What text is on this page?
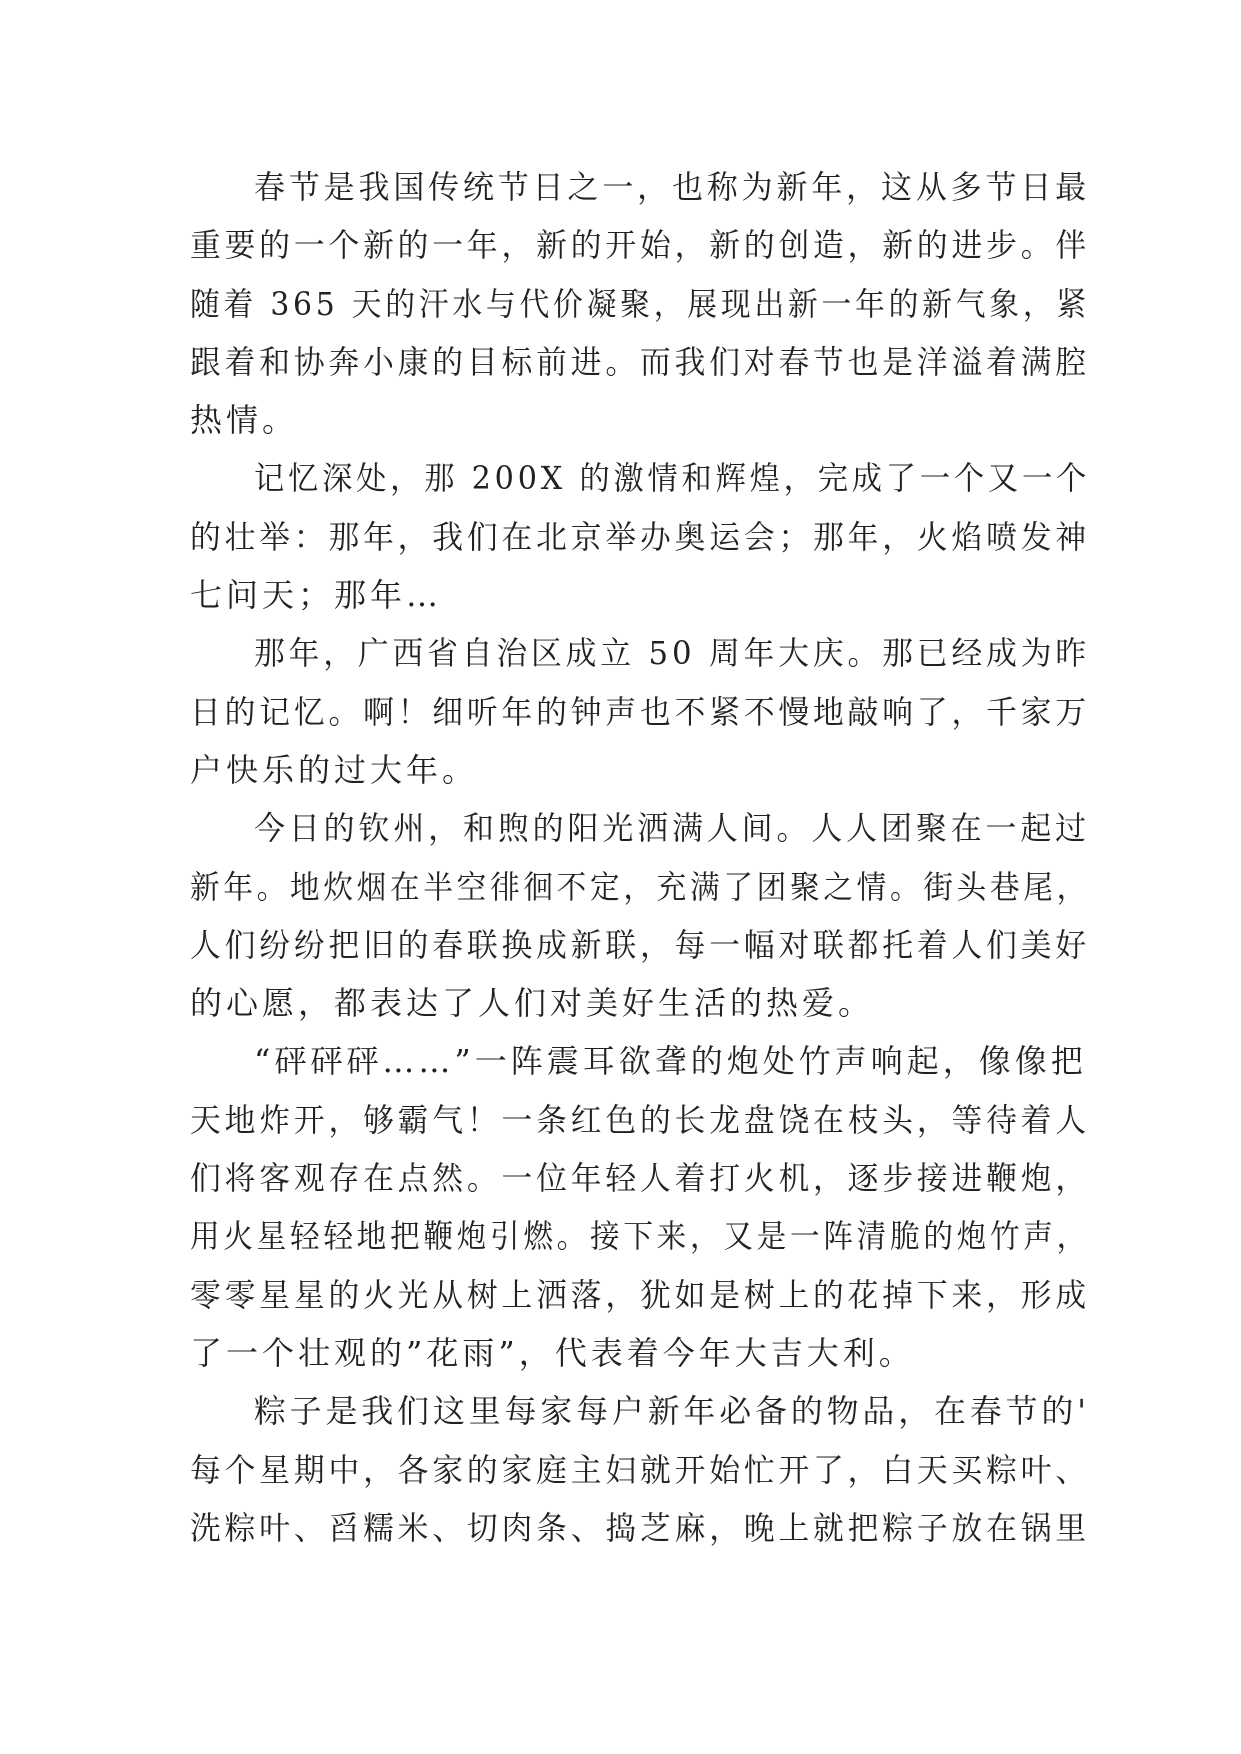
春节是我国传统节日之一，也称为新年，这从多节日最
重要的一个新的一年，新的开始，新的创造，新的进步。伴
随着 365 天的汗水与代价凝聚，展现出新一年的新气象，紧
跟着和协奔小康的目标前进。而我们对春节也是洋溢着满腔
热情。
记忆深处，那 200X 的激情和辉煌，完成了一个又一个
的壮举：那年，我们在北京举办奥运会；那年，火焰喷发神
七问天；那年…
那年，广西省自治区成立 50 周年大庆。那已经成为昨
日的记忆。啊！细听年的钟声也不紧不慢地敲响了，千家万
户快乐的过大年。
今日的钦州，和煦的阳光洒满人间。人人团聚在一起过
新年。地炊烟在半空徘徊不定，充满了团聚之情。街头巷尾，
人们纷纷把旧的春联换成新联，每一幅对联都托着人们美好
的心愿，都表达了人们对美好生活的热爱。
“砰砰砰……”一阵震耳欲聋的炮处竹声响起，像像把
天地炸开，够霸气！一条红色的长龙盘饶在枝头，等待着人
们将客观存在点然。一位年轻人着打火机，逐步接进鞭炮，
用火星轻轻地把鞭炮引燃。接下来，又是一阵清脆的炮竹声，
零零星星的火光从树上洒落，犹如是树上的花掉下来，形成
了一个壮观的”花雨”，代表着今年大吉大利。
粽子是我们这里每家每户新年必备的物品，在春节的'
每个星期中，各家的家庭主妇就开始忙开了，白天买粽叶、
洗粽叶、舀糯米、切肉条、捣芝麻，晚上就把粽子放在锅里
